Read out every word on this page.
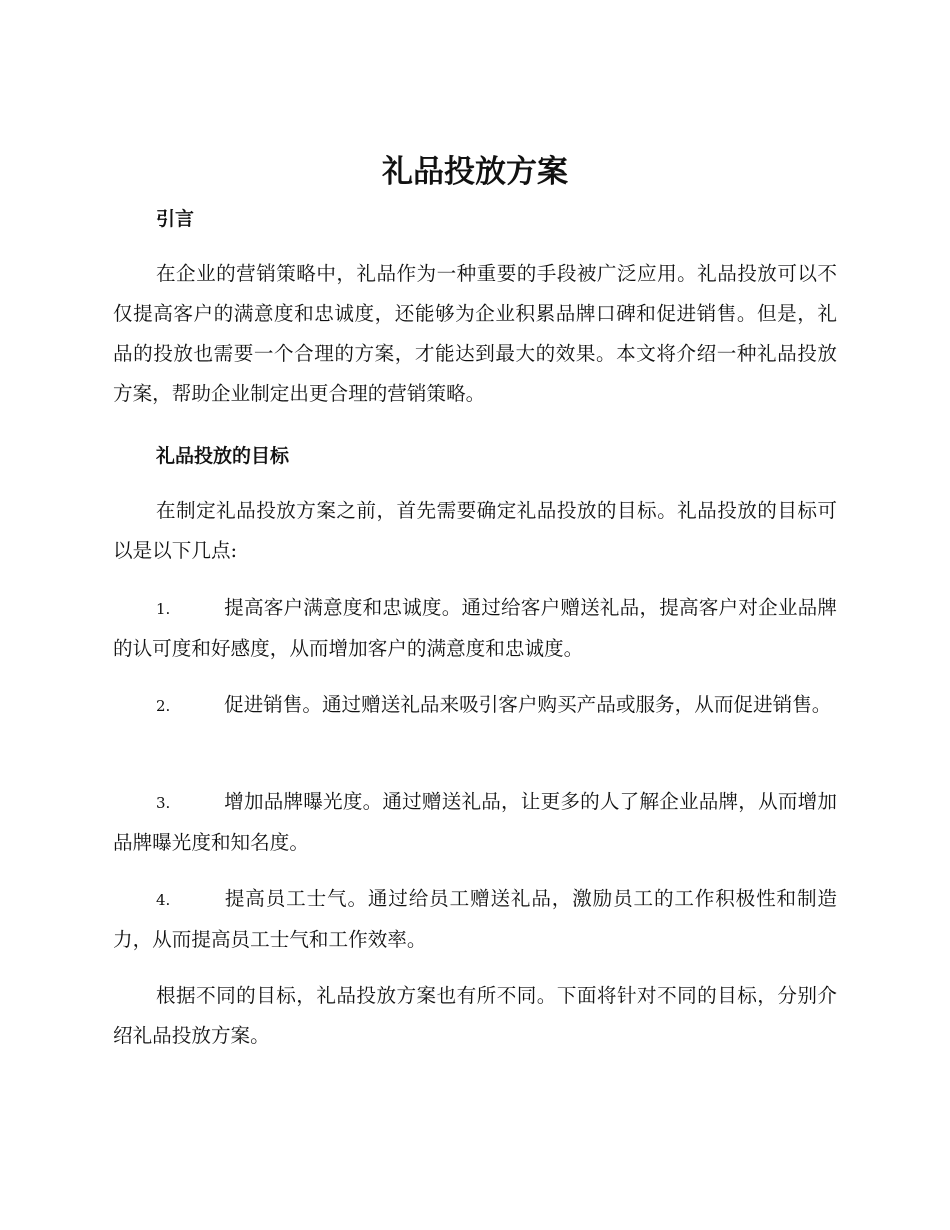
礼品投放方案
引言

在企业的营销策略中，礼品作为一种重要的手段被广泛应用。礼品投放可以不仅提高客户的满意度和忠诚度，还能够为企业积累品牌口碑和促进销售。但是，礼品的投放也需要一个合理的方案，才能达到最大的效果。本文将介绍一种礼品投放方案，帮助企业制定出更合理的营销策略。

礼品投放的目标

在制定礼品投放方案之前，首先需要确定礼品投放的目标。礼品投放的目标可以是以下几点:

1.	提高客户满意度和忠诚度。通过给客户赠送礼品，提高客户对企业品牌的认可度和好感度，从而增加客户的满意度和忠诚度。
2.	促进销售。通过赠送礼品来吸引客户购买产品或服务，从而促进销售。
3.	增加品牌曝光度。通过赠送礼品，让更多的人了解企业品牌，从而增加品牌曝光度和知名度。
4.	提高员工士气。通过给员工赠送礼品，激励员工的工作积极性和制造力，从而提高员工士气和工作效率。

根据不同的目标，礼品投放方案也有所不同。下面将针对不同的目标，分别介绍礼品投放方案。
